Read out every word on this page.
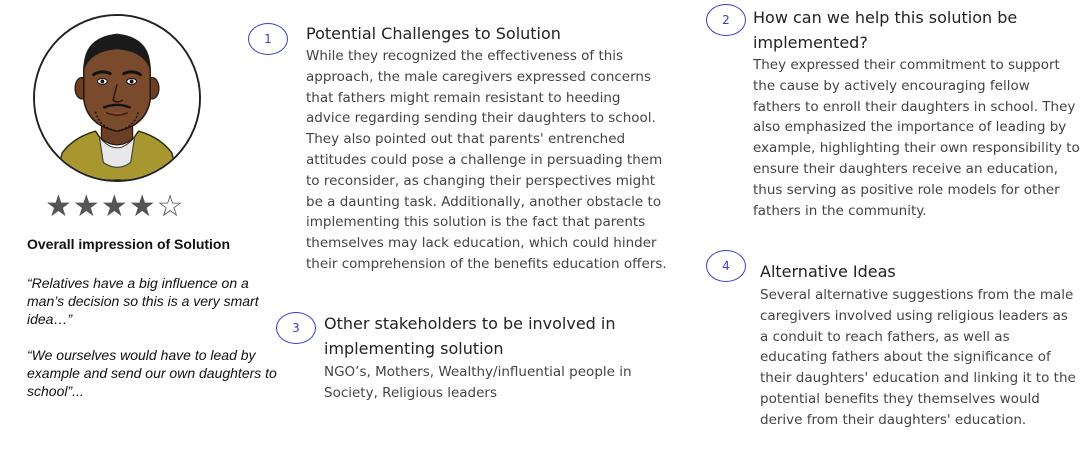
★★★★☆
Overall impression of Solution
“Relatives have a big influence on a man’s decision so this is a very smart idea…”
“We ourselves would have to lead by example and send our own daughters to school”...
1	Potential Challenges to Solution
While they recognized the effectiveness of this approach, the male caregivers expressed concerns that fathers might remain resistant to heeding advice regarding sending their daughters to school. They also pointed out that parents' entrenched attitudes could pose a challenge in persuading them to reconsider, as changing their perspectives might be a daunting task. Additionally, another obstacle to implementing this solution is the fact that parents themselves may lack education, which could hinder their comprehension of the benefits education offers.
3	Other stakeholders to be involved in implementing solution
NGO’s, Mothers, Wealthy/influential people in Society, Religious leaders
2	How can we help this solution be implemented?
They expressed their commitment to support the cause by actively encouraging fellow fathers to enroll their daughters in school. They also emphasized the importance of leading by example, highlighting their own responsibility to ensure their daughters receive an education, thus serving as positive role models for other fathers in the community.
4	Alternative Ideas
Several alternative suggestions from the male caregivers involved using religious leaders as a conduit to reach fathers, as well as educating fathers about the significance of their daughters' education and linking it to the potential benefits they themselves would derive from their daughters' education.
